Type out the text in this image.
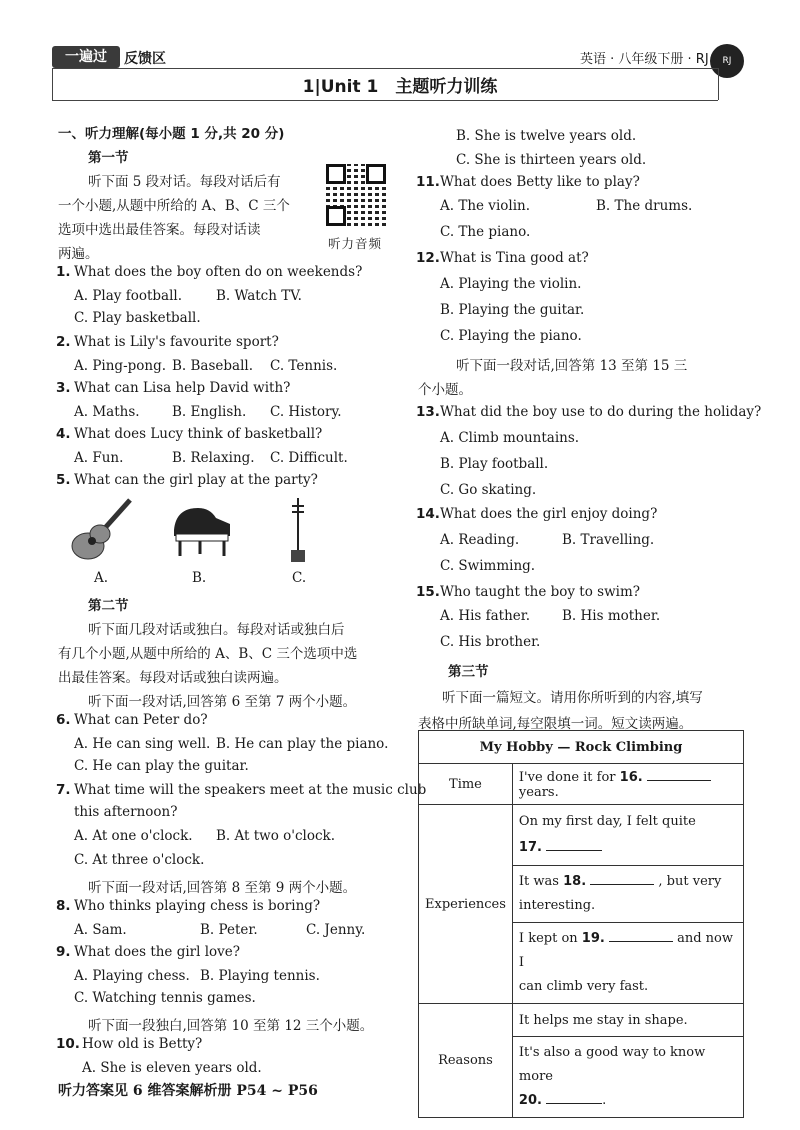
一遍过	反馈区	英语 · 八年级下册 · RJ	RJ
1|Unit 1　主题听力训练
一、听力理解(每小题 1 分,共 20 分)
第一节
听下面 5 段对话。每段对话后有
一个小题,从题中所给的 A、B、C 三个
选项中选出最佳答案。每段对话读
两遍。
听力音频
1. What does the boy often do on weekends?
A. Play football.	B. Watch TV.
C. Play basketball.
2. What is Lily's favourite sport?
A. Ping-pong. B. Baseball. C. Tennis.
3. What can Lisa help David with?
A. Maths. B. English. C. History.
4. What does Lucy think of basketball?
A. Fun.	B. Relaxing. C. Difficult.
5. What can the girl play at the party?
A.	B.	C.
第二节
听下面几段对话或独白。每段对话或独白后
有几个小题,从题中所给的 A、B、C 三个选项中选
出最佳答案。每段对话或独白读两遍。
听下面一段对话,回答第 6 至第 7 两个小题。
6. What can Peter do?
A. He can sing well. B. He can play the piano.
C. He can play the guitar.
7. What time will the speakers meet at the music club
this afternoon?
A. At one o'clock. B. At two o'clock.
C. At three o'clock.
听下面一段对话,回答第 8 至第 9 两个小题。
8. Who thinks playing chess is boring?
A. Sam.	B. Peter.	C. Jenny.
9. What does the girl love?
A. Playing chess. B. Playing tennis.
C. Watching tennis games.
听下面一段独白,回答第 10 至第 12 三个小题。
10. How old is Betty?
A. She is eleven years old.
B. She is twelve years old.
C. She is thirteen years old.
11. What does Betty like to play?
A. The violin.	B. The drums.
C. The piano.
12. What is Tina good at?
A. Playing the violin.
B. Playing the guitar.
C. Playing the piano.
听下面一段对话,回答第 13 至第 15 三
个小题。
13. What did the boy use to do during the holiday?
A. Climb mountains.
B. Play football.
C. Go skating.
14. What does the girl enjoy doing?
A. Reading.	B. Travelling.
C. Swimming.
15. Who taught the boy to swim?
A. His father. B. His mother.
C. His brother.
第三节
听下面一篇短文。请用你所听到的内容,填写
表格中所缺单词,每空限填一词。短文读两遍。
My Hobby — Rock Climbing	
Time	I've done it for 16.  years.
Experiences	On my first day, I felt quite
17.
	It was 18. , but very
interesting.
	I kept on 19. and now I
can climb very fast.
Reasons	It helps me stay in shape.
	It's also a good way to know more
20. .
听力答案见 6 维答案解析册 P54 ~ P56
